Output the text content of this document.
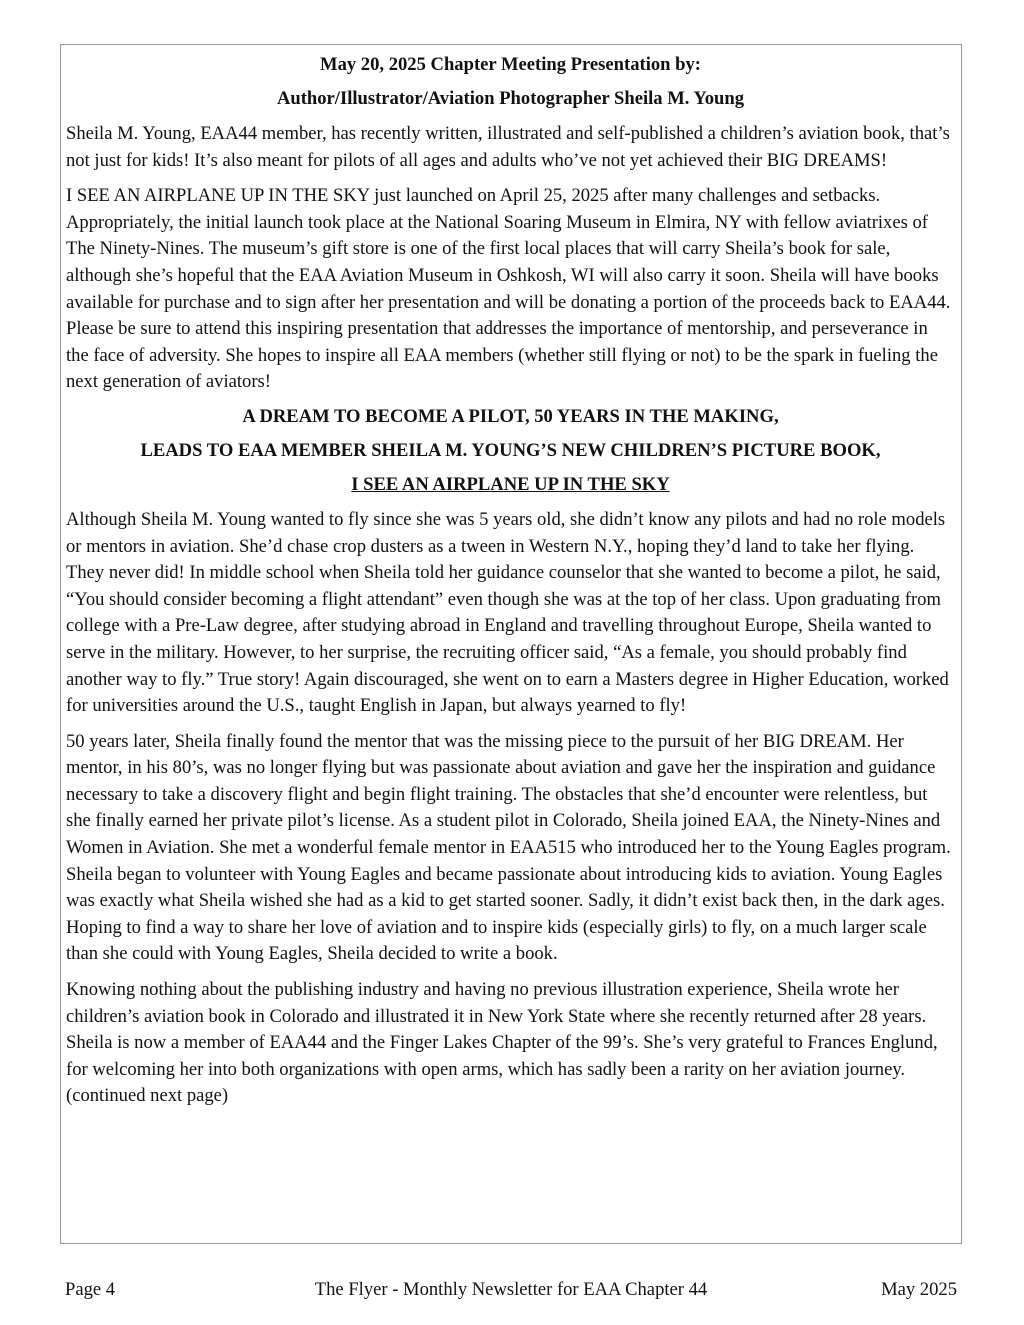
May 20, 2025 Chapter Meeting Presentation by:
Author/Illustrator/Aviation Photographer Sheila M. Young

Sheila M. Young, EAA44 member, has recently written, illustrated and self-published a children’s aviation book, that’s not just for kids! It’s also meant for pilots of all ages and adults who’ve not yet achieved their BIG DREAMS!

I SEE AN AIRPLANE UP IN THE SKY just launched on April 25, 2025 after many challenges and setbacks. Appropriately, the initial launch took place at the National Soaring Museum in Elmira, NY with fellow aviatrixes of The Ninety-Nines. The museum’s gift store is one of the first local places that will carry Sheila’s book for sale, although she’s hopeful that the EAA Aviation Museum in Oshkosh, WI will also carry it soon. Sheila will have books available for purchase and to sign after her presentation and will be donating a portion of the proceeds back to EAA44. Please be sure to attend this inspiring presentation that addresses the importance of mentorship, and perseverance in the face of adversity. She hopes to inspire all EAA members (whether still flying or not) to be the spark in fueling the next generation of aviators!

A DREAM TO BECOME A PILOT, 50 YEARS IN THE MAKING,
LEADS TO EAA MEMBER SHEILA M. YOUNG’S NEW CHILDREN’S PICTURE BOOK,
I SEE AN AIRPLANE UP IN THE SKY

Although Sheila M. Young wanted to fly since she was 5 years old, she didn’t know any pilots and had no role models or mentors in aviation. She’d chase crop dusters as a tween in Western N.Y., hoping they’d land to take her flying. They never did! In middle school when Sheila told her guidance counselor that she wanted to become a pilot, he said, “You should consider becoming a flight attendant” even though she was at the top of her class. Upon graduating from college with a Pre-Law degree, after studying abroad in England and travelling throughout Europe, Sheila wanted to serve in the military. However, to her surprise, the recruiting officer said, “As a female, you should probably find another way to fly.” True story! Again discouraged, she went on to earn a Masters degree in Higher Education, worked for universities around the U.S., taught English in Japan, but always yearned to fly!

50 years later, Sheila finally found the mentor that was the missing piece to the pursuit of her BIG DREAM. Her mentor, in his 80’s, was no longer flying but was passionate about aviation and gave her the inspiration and guidance necessary to take a discovery flight and begin flight training. The obstacles that she’d encounter were relentless, but she finally earned her private pilot’s license. As a student pilot in Colorado, Sheila joined EAA, the Ninety-Nines and Women in Aviation. She met a wonderful female mentor in EAA515 who introduced her to the Young Eagles program. Sheila began to volunteer with Young Eagles and became passionate about introducing kids to aviation. Young Eagles was exactly what Sheila wished she had as a kid to get started sooner. Sadly, it didn’t exist back then, in the dark ages. Hoping to find a way to share her love of aviation and to inspire kids (especially girls) to fly, on a much larger scale than she could with Young Eagles, Sheila decided to write a book.

Knowing nothing about the publishing industry and having no previous illustration experience, Sheila wrote her children’s aviation book in Colorado and illustrated it in New York State where she recently returned after 28 years. Sheila is now a member of EAA44 and the Finger Lakes Chapter of the 99’s. She’s very grateful to Frances Englund, for welcoming her into both organizations with open arms, which has sadly been a rarity on her aviation journey.(continued next page)

Page 4	The Flyer - Monthly Newsletter for EAA Chapter 44	May 2025
